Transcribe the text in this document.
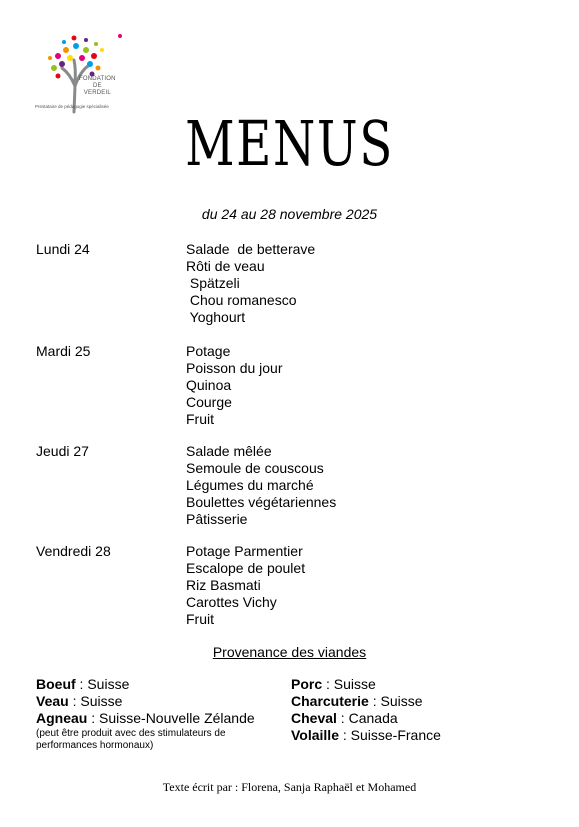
FONDATION
DE
VERDEIL
Prestataire de pédagogie spécialisée
MENUS
du 24 au 28 novembre 2025
Lundi 24	Salade  de betterave
Rôti de veau
Spätzeli
Chou romanesco
Yoghourt
Mardi 25	Potage
Poisson du jour
Quinoa
Courge
Fruit
Jeudi 27	Salade mêlée
Semoule de couscous
Légumes du marché
Boulettes végétariennes
Pâtisserie
Vendredi 28	Potage Parmentier
Escalope de poulet
Riz Basmati
Carottes Vichy
Fruit
Provenance des viandes
Boeuf : Suisse
Veau : Suisse
Agneau : Suisse-Nouvelle Zélande
(peut être produit avec des stimulateurs de performances hormonaux)
Porc : Suisse
Charcuterie : Suisse
Cheval : Canada
Volaille : Suisse-France
Texte écrit par : Florena, Sanja Raphaël et Mohamed
